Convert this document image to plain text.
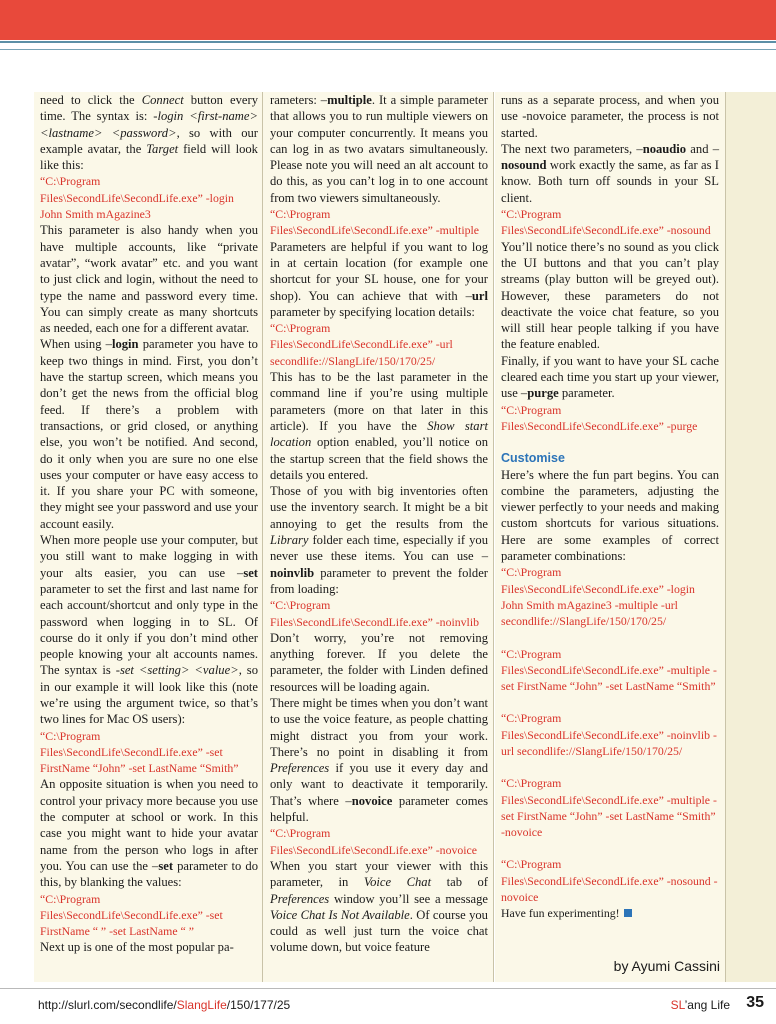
need to click the Connect button every time. The syntax is: -login <first-name> <lastname> <password>, so with our example avatar, the Target field will look like this:

“C:\Program Files\SecondLife\SecondLife.exe” -login John Smith mAgazine3

This parameter is also handy when you have multiple accounts, like “private avatar”, “work avatar” etc. and you want to just click and login, without the need to type the name and password every time. You can simply create as many shortcuts as needed, each one for a different avatar.

When using –login parameter you have to keep two things in mind. First, you don’t have the startup screen, which means you don’t get the news from the official blog feed. If there’s a problem with transactions, or grid closed, or anything else, you won’t be notified. And second, do it only when you are sure no one else uses your computer or have easy access to it. If you share your PC with someone, they might see your password and use your account easily.

When more people use your computer, but you still want to make logging in with your alts easier, you can use –set parameter to set the first and last name for each account/shortcut and only type in the password when logging in to SL. Of course do it only if you don’t mind other people knowing your alt accounts names. The syntax is -set <setting> <value>, so in our example it will look like this (note we’re using the argument twice, so that’s two lines for Mac OS users):

“C:\Program Files\SecondLife\SecondLife.exe” -set FirstName “John” -set LastName “Smith”

An opposite situation is when you need to control your privacy more because you use the computer at school or work. In this case you might want to hide your avatar name from the person who logs in after you. You can use the –set parameter to do this, by blanking the values:

“C:\Program Files\SecondLife\SecondLife.exe” -set FirstName “ ” -set LastName “ ”

Next up is one of the most popular pa-

rameters: –multiple. It a simple parameter that allows you to run multiple viewers on your computer concurrently. It means you can log in as two avatars simultaneously. Please note you will need an alt account to do this, as you can’t log in to one account from two viewers simultaneously.

“C:\Program Files\SecondLife\SecondLife.exe” -multiple

Parameters are helpful if you want to log in at certain location (for example one shortcut for your SL house, one for your shop). You can achieve that with –url parameter by specifying location details:

“C:\Program Files\SecondLife\SecondLife.exe” -url secondlife://SlangLife/150/170/25/

This has to be the last parameter in the command line if you’re using multiple parameters (more on that later in this article). If you have the Show start location option enabled, you’ll notice on the startup screen that the field shows the details you entered.

Those of you with big inventories often use the inventory search. It might be a bit annoying to get the results from the Library folder each time, especially if you never use these items. You can use –noinvlib parameter to prevent the folder from loading:

“C:\Program Files\SecondLife\SecondLife.exe” -noinvlib

Don’t worry, you’re not removing anything forever. If you delete the parameter, the folder with Linden defined resources will be loading again.

There might be times when you don’t want to use the voice feature, as people chatting might distract you from your work. There’s no point in disabling it from Preferences if you use it every day and only want to deactivate it temporarily. That’s where –novoice parameter comes helpful.

“C:\Program Files\SecondLife\SecondLife.exe” -novoice

When you start your viewer with this parameter, in Voice Chat tab of Preferences window you’ll see a message Voice Chat Is Not Available. Of course you could as well just turn the voice chat volume down, but voice feature

runs as a separate process, and when you use -novoice parameter, the process is not started.

The next two parameters, –noaudio and –nosound work exactly the same, as far as I know. Both turn off sounds in your SL client.

“C:\Program Files\SecondLife\SecondLife.exe” -nosound

You’ll notice there’s no sound as you click the UI buttons and that you can’t play streams (play button will be greyed out). However, these parameters do not deactivate the voice chat feature, so you will still hear people talking if you have the feature enabled.

Finally, if you want to have your SL cache cleared each time you start up your viewer, use –purge parameter.

“C:\Program Files\SecondLife\SecondLife.exe” -purge

Customise

Here’s where the fun part begins. You can combine the parameters, adjusting the viewer perfectly to your needs and making custom shortcuts for various situations. Here are some examples of correct parameter combinations:

“C:\Program Files\SecondLife\SecondLife.exe” -login John Smith mAgazine3 -multiple -url secondlife://SlangLife/150/170/25/

“C:\Program Files\SecondLife\SecondLife.exe” -multiple -set FirstName “John” -set LastName “Smith”

“C:\Program Files\SecondLife\SecondLife.exe” -noinvlib -url secondlife://SlangLife/150/170/25/

“C:\Program Files\SecondLife\SecondLife.exe” -multiple -set FirstName “John” -set LastName “Smith” -novoice

“C:\Program Files\SecondLife\SecondLife.exe” -nosound -novoice

Have fun experimenting!

by Ayumi Cassini
http://slurl.com/secondlife/SlangLife/150/177/25	SL’ang Life 35
